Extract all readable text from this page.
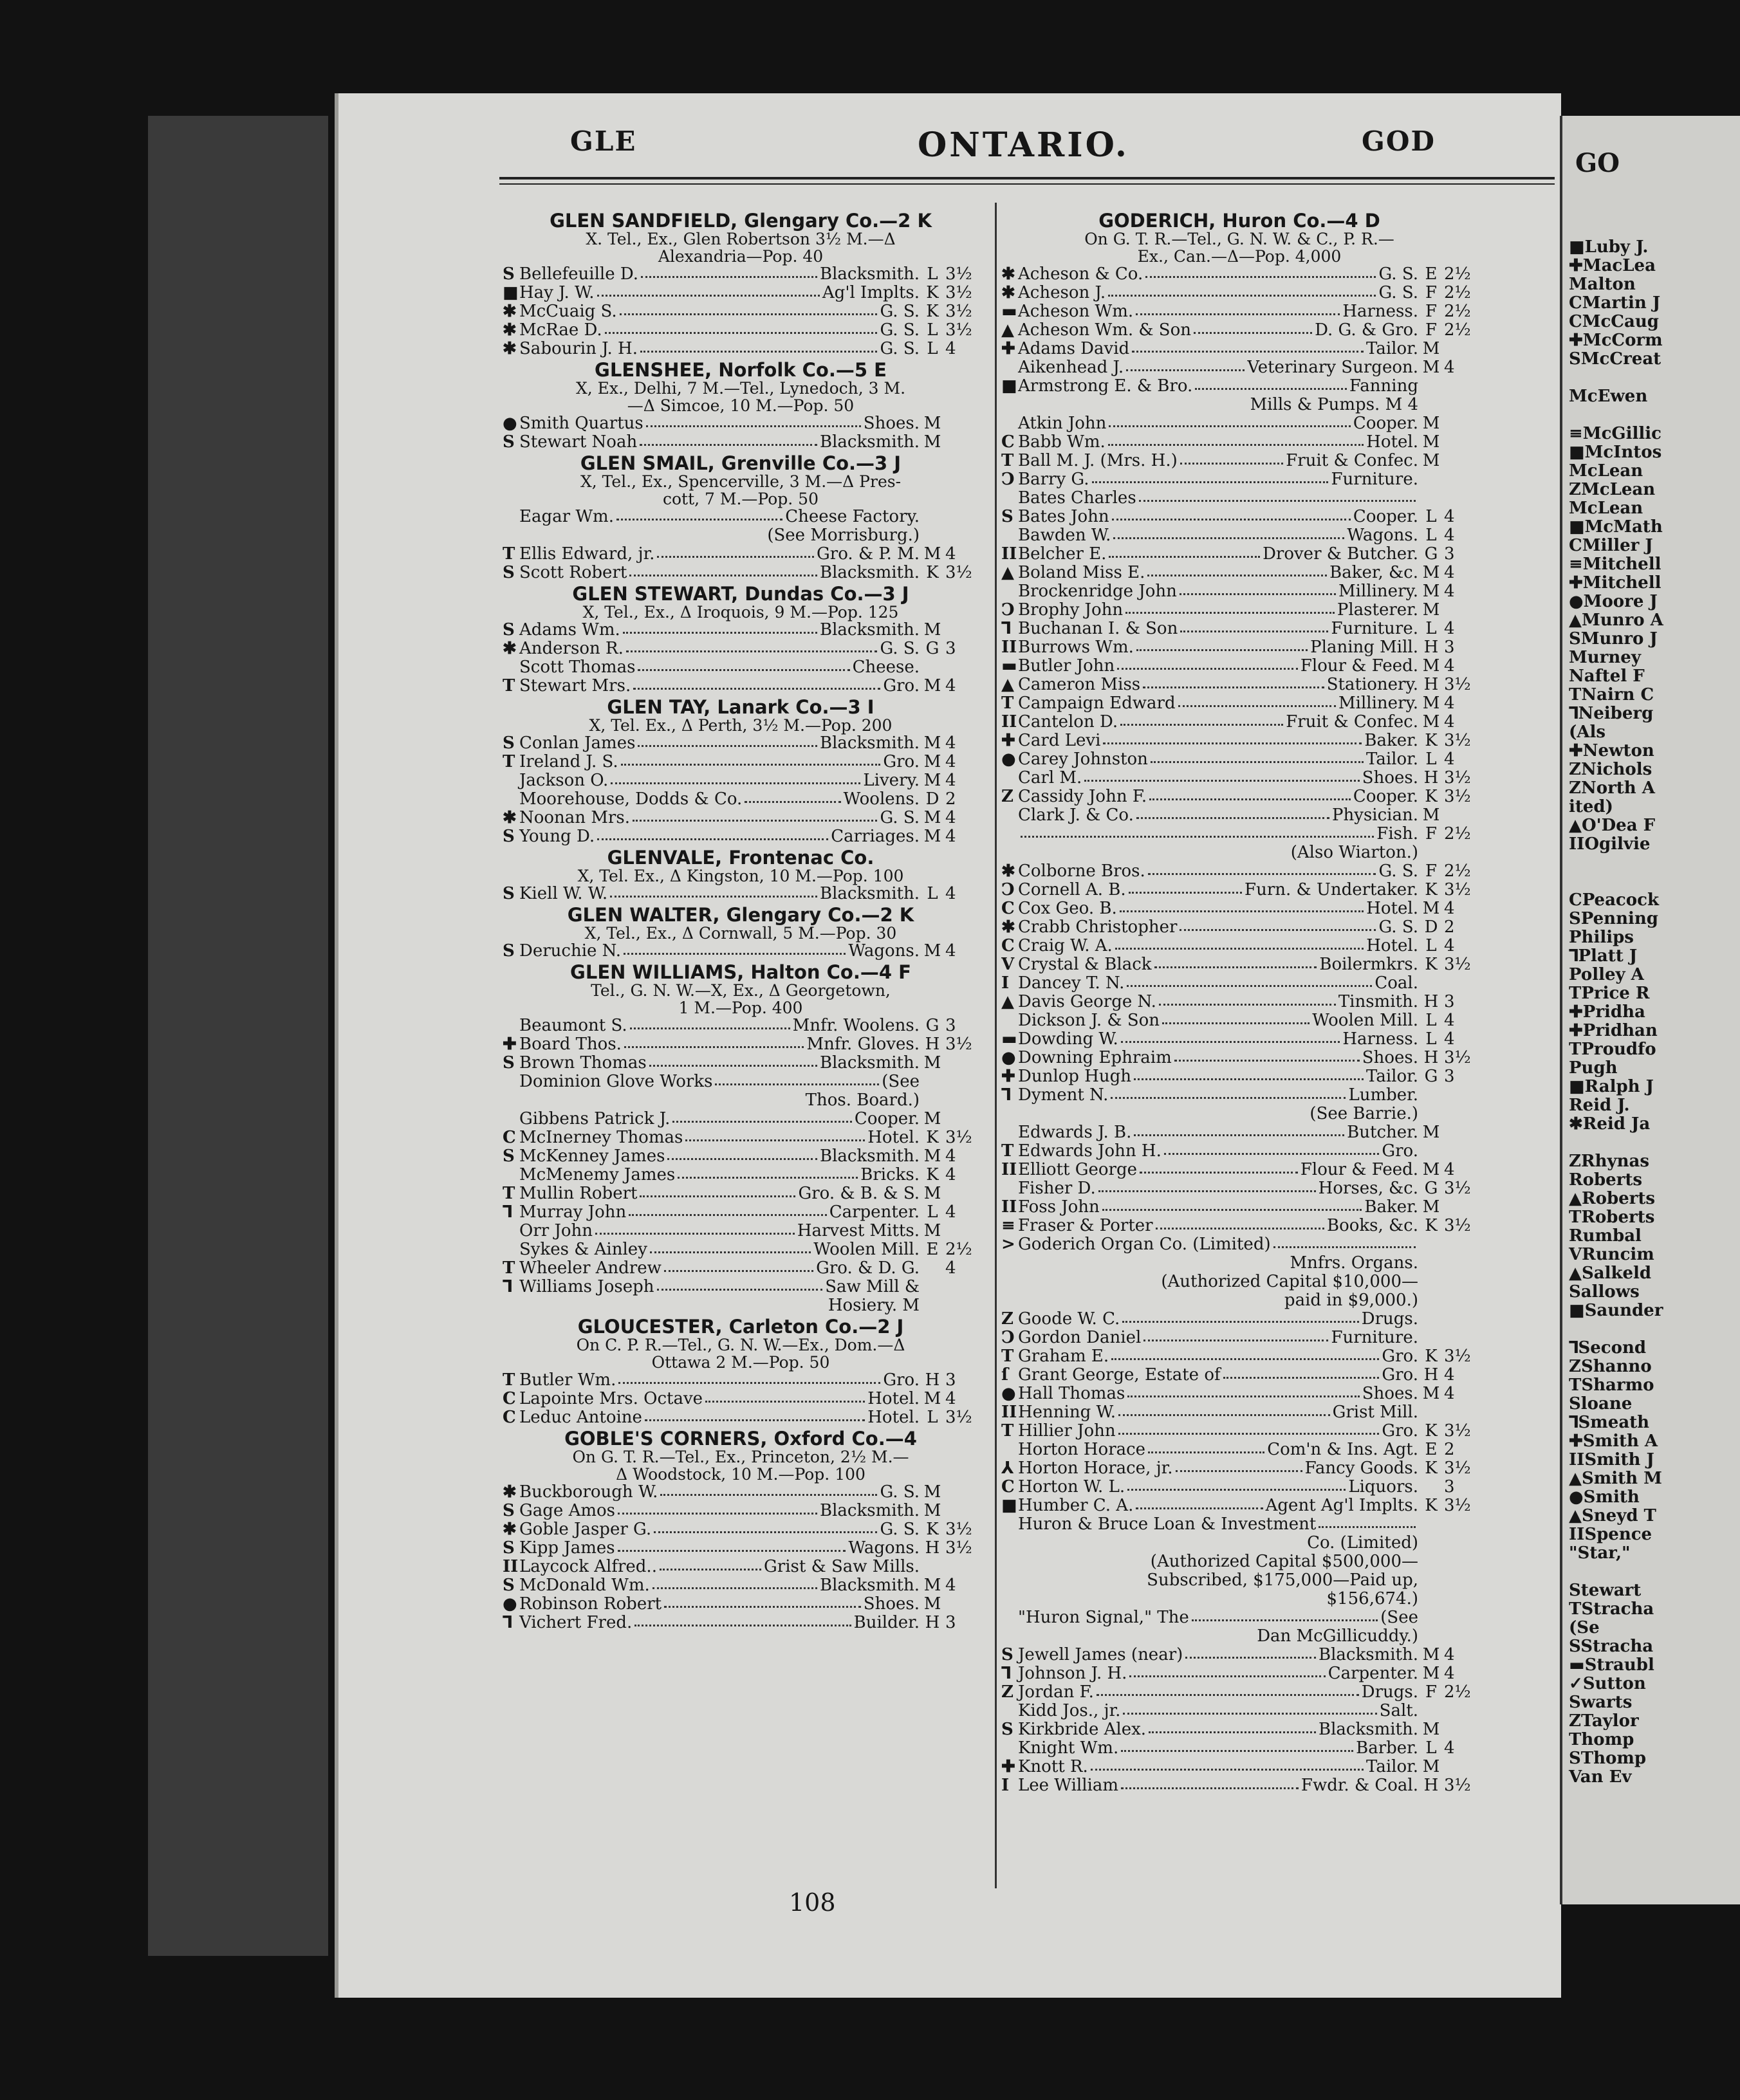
GLE	ONTARIO.	GOD
GLEN SANDFIELD, Glengary Co.—2 K
X. Tel., Ex., Glen Robertson 3½ M.—Δ
Alexandria—Pop. 40
S Bellefeuille D.	Blacksmith. L 3½
■ Hay J. W.	Ag'l Implts. K 3½
✱ McCuaig S.	G. S. K 3½
✱ McRae D.	G. S. L 3½
✱ Sabourin J. H.	G. S. L 4
GLENSHEE, Norfolk Co.—5 E
X, Ex., Delhi, 7 M.—Tel., Lynedoch, 3 M.
—Δ Simcoe, 10 M.—Pop. 50
● Smith Quartus	Shoes. M
S Stewart Noah	Blacksmith. M
GLEN SMAIL, Grenville Co.—3 J
X, Tel., Ex., Spencerville, 3 M.—Δ Pres-
cott, 7 M.—Pop. 50
Eagar Wm.	Cheese Factory.
(See Morrisburg.)
T Ellis Edward, jr.	Gro. & P. M. M 4
S Scott Robert	Blacksmith. K 3½
GLEN STEWART, Dundas Co.—3 J
X, Tel., Ex., Δ Iroquois, 9 M.—Pop. 125
S Adams Wm.	Blacksmith. M
✱ Anderson R.	G. S. G 3
Scott Thomas	Cheese.
T Stewart Mrs.	Gro. M 4
GLEN TAY, Lanark Co.—3 I
X, Tel. Ex., Δ Perth, 3½ M.—Pop. 200
S Conlan James	Blacksmith. M 4
T Ireland J. S.	Gro. M 4
Jackson O.	Livery. M 4
Moorehouse, Dodds & Co.	Woolens. D 2
✱ Noonan Mrs.	G. S. M 4
S Young D.	Carriages. M 4
GLENVALE, Frontenac Co.
X, Tel. Ex., Δ Kingston, 10 M.—Pop. 100
S Kiell W. W.	Blacksmith. L 4
GLEN WALTER, Glengary Co.—2 K
X, Tel., Ex., Δ Cornwall, 5 M.—Pop. 30
S Deruchie N.	Wagons. M 4
GLEN WILLIAMS, Halton Co.—4 F
Tel., G. N. W.—X, Ex., Δ Georgetown,
1 M.—Pop. 400
Beaumont S.	Mnfr. Woolens. G 3
✚ Board Thos.	Mnfr. Gloves. H 3½
S Brown Thomas	Blacksmith. M
Dominion Glove Works	(See
Thos. Board.)
Gibbens Patrick J.	Cooper. M
C McInerney Thomas	Hotel. K 3½
S McKenney James	Blacksmith. M 4
McMenemy James	Bricks. K 4
T Mullin Robert	Gro. & B. & S. M
⅂ Murray John	Carpenter. L 4
Orr John	Harvest Mitts. M
Sykes & Ainley	Woolen Mill. E 2½
T Wheeler Andrew	Gro. & D. G. 4
⅂ Williams Joseph	Saw Mill &
Hosiery. M
GLOUCESTER, Carleton Co.—2 J
On C. P. R.—Tel., G. N. W.—Ex., Dom.—Δ
Ottawa 2 M.—Pop. 50
T Butler Wm.	Gro. H 3
C Lapointe Mrs. Octave	Hotel. M 4
C Leduc Antoine	Hotel. L 3½
GOBLE'S CORNERS, Oxford Co.—4
On G. T. R.—Tel., Ex., Princeton, 2½ M.—
Δ Woodstock, 10 M.—Pop. 100
✱ Buckborough W.	G. S. M
S Gage Amos	Blacksmith. M
✱ Goble Jasper G.	G. S. K 3½
S Kipp James	Wagons. H 3½
II Laycock Alfred..	Grist & Saw Mills.
S McDonald Wm.	Blacksmith. M 4
● Robinson Robert	Shoes. M
⅂ Vichert Fred.	Builder. H 3
GODERICH, Huron Co.—4 D
On G. T. R.—Tel., G. N. W. & C., P. R.—
Ex., Can.—Δ—Pop. 4,000
✱ Acheson & Co.	G. S. E 2½
✱ Acheson J.	G. S. F 2½
▬ Acheson Wm.	Harness. F 2½
▲ Acheson Wm. & Son	D. G. & Gro. F 2½
✚ Adams David	Tailor. M
Aikenhead J.	Veterinary Surgeon. M 4
■ Armstrong E. & Bro.	Fanning
Mills & Pumps. M 4
Atkin John	Cooper. M
C Babb Wm.	Hotel. M
T Ball M. J. (Mrs. H.)	Fruit & Confec. M
Ↄ Barry G.	Furniture.
Bates Charles
S Bates John	Cooper. L 4
Bawden W.	Wagons. L 4
II Belcher E.	Drover & Butcher. G 3
▲ Boland Miss E.	Baker, &c. M 4
Brockenridge John	Millinery. M 4
Ↄ Brophy John	Plasterer. M
⅂ Buchanan I. & Son	Furniture. L 4
II Burrows Wm.	Planing Mill. H 3
▬ Butler John	Flour & Feed. M 4
▲ Cameron Miss	Stationery. H 3½
T Campaign Edward	Millinery. M 4
II Cantelon D.	Fruit & Confec. M 4
✚ Card Levi	Baker. K 3½
● Carey Johnston	Tailor. L 4
Carl M.	Shoes. H 3½
Z Cassidy John F.	Cooper. K 3½
Clark J. & Co.	Physician. M
Fish. F 2½
(Also Wiarton.)
✱ Colborne Bros.	G. S. F 2½
Ↄ Cornell A. B.	Furn. & Undertaker. K 3½
C Cox Geo. B.	Hotel. M 4
✱ Crabb Christopher	G. S. D 2
C Craig W. A.	Hotel. L 4
V Crystal & Black	Boilermkrs. K 3½
I Dancey T. N.	Coal.
▲ Davis George N.	Tinsmith. H 3
Dickson J. & Son	Woolen Mill. L 4
▬ Dowding W.	Harness. L 4
● Downing Ephraim	Shoes. H 3½
✚ Dunlop Hugh	Tailor. G 3
⅂ Dyment N.	Lumber.
(See Barrie.)
Edwards J. B.	Butcher. M
T Edwards John H.	Gro.
II Elliott George	Flour & Feed. M 4
Fisher D.	Horses, &c. G 3½
II Foss John	Baker. M
≡ Fraser & Porter	Books, &c. K 3½
> Goderich Organ Co. (Limited)
Mnfrs. Organs.
(Authorized Capital $10,000—
paid in $9,000.)
Z Goode W. C.	Drugs.
Ↄ Gordon Daniel	Furniture.
T Graham E.	Gro. K 3½
ſ Grant George, Estate of	Gro. H 4
● Hall Thomas	Shoes. M 4
II Henning W.	Grist Mill.
T Hillier John	Gro. K 3½
Horton Horace	Com'n & Ins. Agt. E 2
⅄ Horton Horace, jr.	Fancy Goods. K 3½
C Horton W. L.	Liquors. 3
■ Humber C. A.	Agent Ag'l Implts. K 3½
Huron & Bruce Loan & Investment
Co. (Limited)
(Authorized Capital $500,000—
Subscribed, $175,000—Paid up,
$156,674.)
"Huron Signal," The	(See
Dan McGillicuddy.)
S Jewell James (near)	Blacksmith. M 4
⅂ Johnson J. H.	Carpenter. M 4
Z Jordan F.	Drugs. F 2½
Kidd Jos., jr.	Salt.
S Kirkbride Alex.	Blacksmith. M
Knight Wm.	Barber. L 4
✚ Knott R.	Tailor. M
I Lee William	Fwdr. & Coal. H 3½
108
GO
■Luby J.
✚MacLea
Malton
CMartin J
CMcCaug
✚McCorm
SMcCreat

McEwen

≡McGillic
■McIntos
McLean
ZMcLean
McLean
■McMath
CMiller J
≡Mitchell
✚Mitchell
●Moore J
▲Munro A
SMunro J
Murney
Naftel F
TNairn C
⅂Neiberg
(Als
✚Newton
ZNichols
ZNorth A
ited)
▲O'Dea F
IIOgilvie

CPeacock
SPenning
Philips
⅂Platt J
Polley A
TPrice R
✚Pridha
✚Pridhan
TProudfo
Pugh
■Ralph J
Reid J.
✱Reid Ja

ZRhynas
Roberts
▲Roberts
TRoberts
Rumbal
VRuncim
▲Salkeld
Sallows
■Saunder

⅂Second
ZShanno
TSharmo
Sloane
⅂Smeath
✚Smith A
IISmith J
▲Smith M
●Smith
▲Sneyd T
IISpence
"Star,"

Stewart
TStracha
(Se
SStracha
▬Straubl
✓Sutton
Swarts
ZTaylor
Thomp
SThomp
Van Ev
